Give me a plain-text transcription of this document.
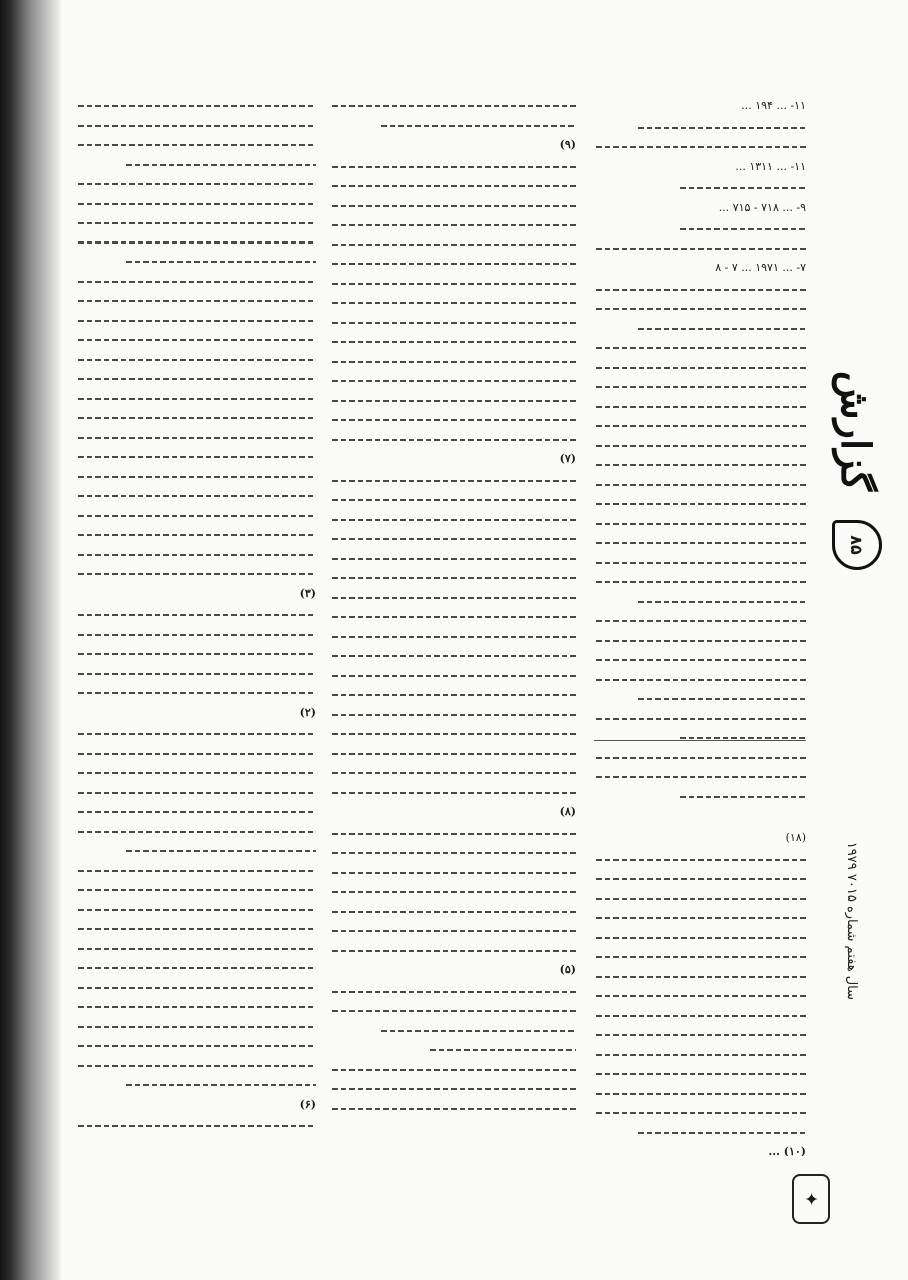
گزارش
۸۵
سال هفتم شماره ۷۰۱۵ ۱۹۷۹

۱۱- ... ۱۹۴ ...

۱۱- ... ۱۳۱۱ ...

۹- ... ۷۱۸ - ۷۱۵ ...

۷- ... ۱۹۷۱ ... ۷ - ۸

(۱۸)

(۱۰) ...

(۹)

(۷)

(۸)

(۵)

(۳)

(۲)

(۶)

✦
